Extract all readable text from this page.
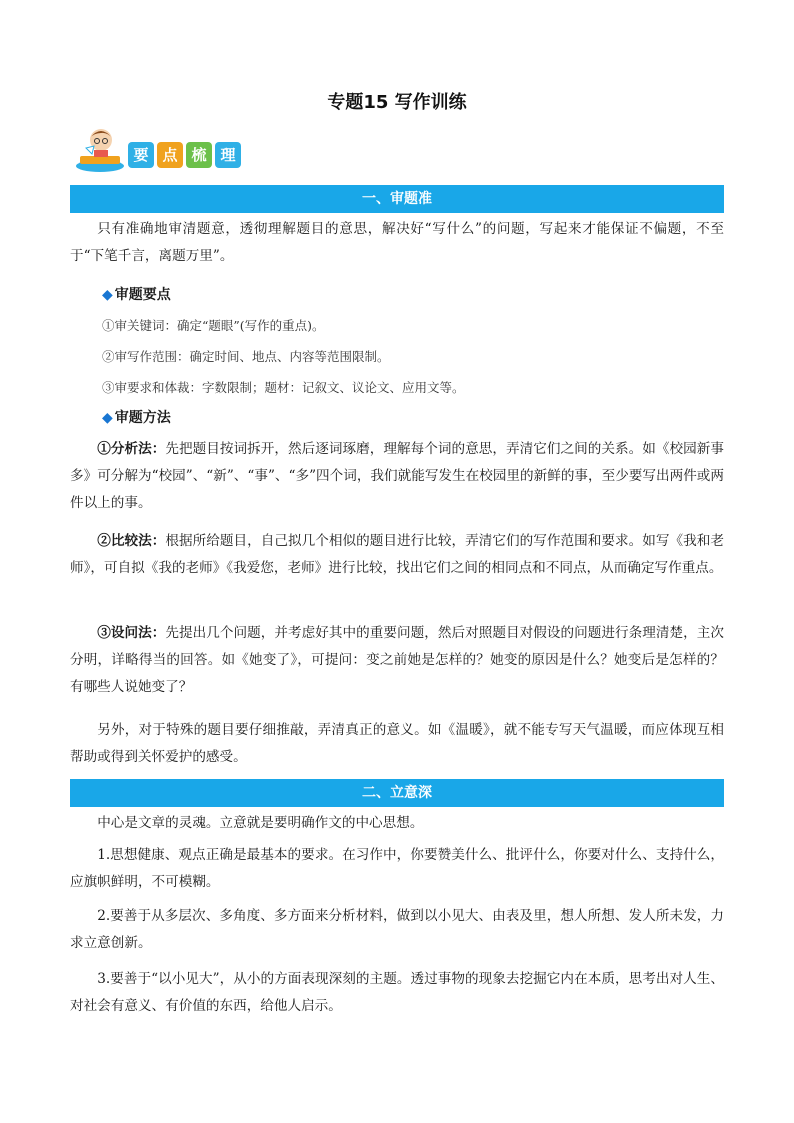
专题15 写作训练
要 点 梳 理
一、审题准
只有准确地审清题意，透彻理解题目的意思，解决好“写什么”的问题，写起来才能保证不偏题，不至于“下笔千言，离题万里”。
◆ 审题要点
①审关键词：确定“题眼”(写作的重点)。
②审写作范围：确定时间、地点、内容等范围限制。
③审要求和体裁：字数限制；题材：记叙文、议论文、应用文等。
◆ 审题方法
①分析法：先把题目按词拆开，然后逐词琢磨，理解每个词的意思，弄清它们之间的关系。如《校园新事多》可分解为“校园”、“新”、“事”、“多”四个词，我们就能写发生在校园里的新鲜的事，至少要写出两件或两件以上的事。
②比较法：根据所给题目，自己拟几个相似的题目进行比较，弄清它们的写作范围和要求。如写《我和老师》，可自拟《我的老师》《我爱您，老师》进行比较，找出它们之间的相同点和不同点，从而确定写作重点。
③设问法：先提出几个问题，并考虑好其中的重要问题，然后对照题目对假设的问题进行条理清楚，主次分明，详略得当的回答。如《她变了》，可提问：变之前她是怎样的？她变的原因是什么？她变后是怎样的？有哪些人说她变了？
另外，对于特殊的题目要仔细推敲，弄清真正的意义。如《温暖》，就不能专写天气温暖，而应体现互相帮助或得到关怀爱护的感受。
二、立意深
中心是文章的灵魂。立意就是要明确作文的中心思想。
1.思想健康、观点正确是最基本的要求。在习作中，你要赞美什么、批评什么，你要对什么、支持什么，应旗帜鲜明，不可模糊。
2.要善于从多层次、多角度、多方面来分析材料，做到以小见大、由表及里，想人所想、发人所未发，力求立意创新。
3.要善于“以小见大”，从小的方面表现深刻的主题。透过事物的现象去挖掘它内在本质，思考出对人生、对社会有意义、有价值的东西，给他人启示。
